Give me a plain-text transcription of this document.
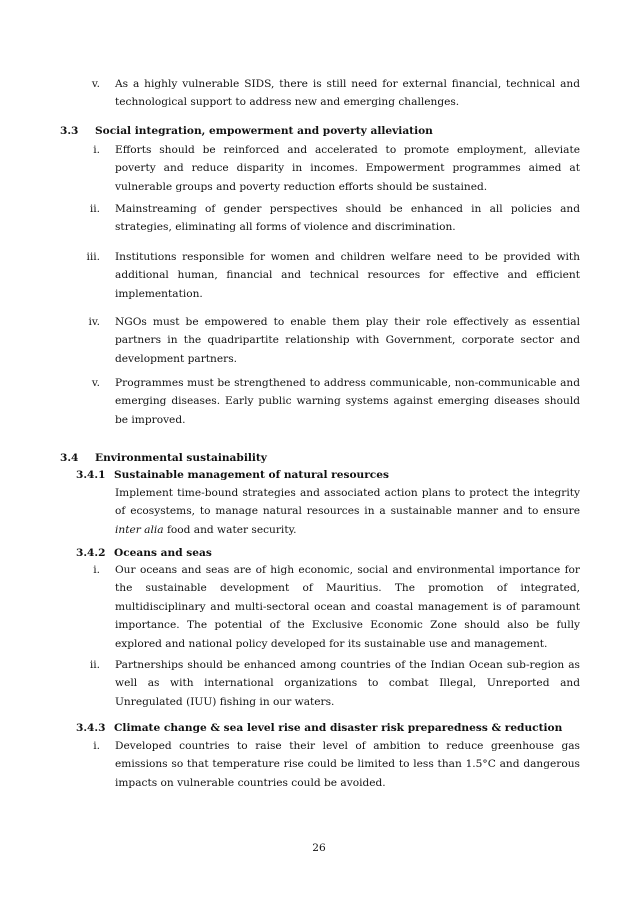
v. As a highly vulnerable SIDS, there is still need for external financial, technical and technological support to address new and emerging challenges.
3.3 Social integration, empowerment and poverty alleviation
i. Efforts should be reinforced and accelerated to promote employment, alleviate poverty and reduce disparity in incomes. Empowerment programmes aimed at vulnerable groups and poverty reduction efforts should be sustained.
ii. Mainstreaming of gender perspectives should be enhanced in all policies and strategies, eliminating all forms of violence and discrimination.
iii. Institutions responsible for women and children welfare need to be provided with additional human, financial and technical resources for effective and efficient implementation.
iv. NGOs must be empowered to enable them play their role effectively as essential partners in the quadripartite relationship with Government, corporate sector and development partners.
v. Programmes must be strengthened to address communicable, non-communicable and emerging diseases. Early public warning systems against emerging diseases should be improved.
3.4 Environmental sustainability
3.4.1 Sustainable management of natural resources
Implement time-bound strategies and associated action plans to protect the integrity of ecosystems, to manage natural resources in a sustainable manner and to ensure inter alia food and water security.
3.4.2 Oceans and seas
i. Our oceans and seas are of high economic, social and environmental importance for the sustainable development of Mauritius. The promotion of integrated, multidisciplinary and multi-sectoral ocean and coastal management is of paramount importance. The potential of the Exclusive Economic Zone should also be fully explored and national policy developed for its sustainable use and management.
ii. Partnerships should be enhanced among countries of the Indian Ocean sub-region as well as with international organizations to combat Illegal, Unreported and Unregulated (IUU) fishing in our waters.
3.4.3 Climate change & sea level rise and disaster risk preparedness & reduction
i. Developed countries to raise their level of ambition to reduce greenhouse gas emissions so that temperature rise could be limited to less than 1.5°C and dangerous impacts on vulnerable countries could be avoided.
26
